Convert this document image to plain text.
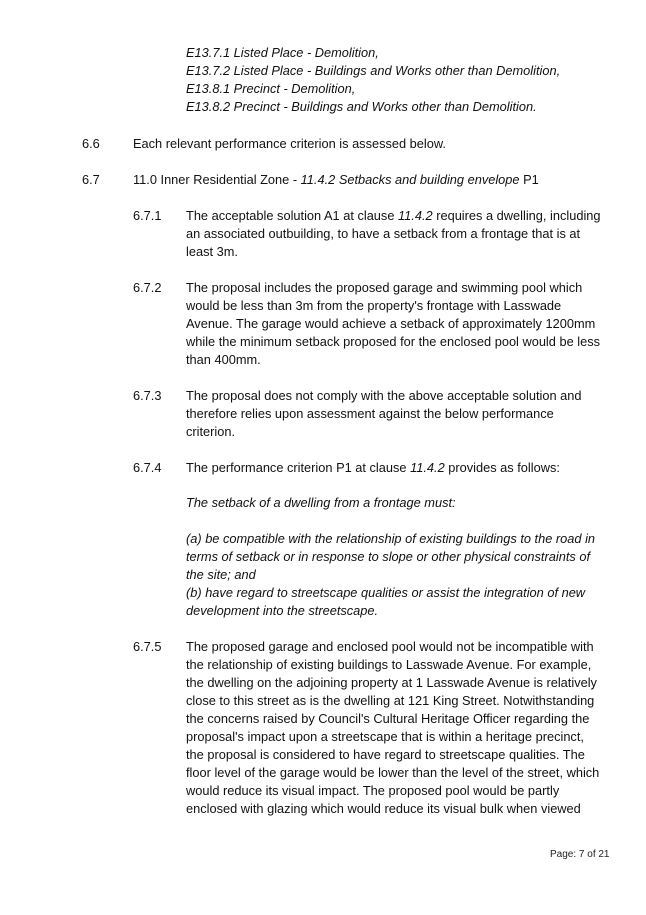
E13.7.1 Listed Place - Demolition,
E13.7.2 Listed Place - Buildings and Works other than Demolition,
E13.8.1 Precinct - Demolition,
E13.8.2 Precinct - Buildings and Works other than Demolition.
6.6	Each relevant performance criterion is assessed below.
6.7	11.0 Inner Residential Zone - 11.4.2 Setbacks and building envelope P1
6.7.1 The acceptable solution A1 at clause 11.4.2 requires a dwelling, including
an associated outbuilding, to have a setback from a frontage that is at
least 3m.
6.7.2 The proposal includes the proposed garage and swimming pool which
would be less than 3m from the property's frontage with Lasswade
Avenue. The garage would achieve a setback of approximately 1200mm
while the minimum setback proposed for the enclosed pool would be less
than 400mm.
6.7.3 The proposal does not comply with the above acceptable solution and
therefore relies upon assessment against the below performance
criterion.
6.7.4 The performance criterion P1 at clause 11.4.2 provides as follows:
The setback of a dwelling from a frontage must:
(a) be compatible with the relationship of existing buildings to the road in
terms of setback or in response to slope or other physical constraints of
the site; and
(b) have regard to streetscape qualities or assist the integration of new
development into the streetscape.
6.7.5 The proposed garage and enclosed pool would not be incompatible with
the relationship of existing buildings to Lasswade Avenue. For example,
the dwelling on the adjoining property at 1 Lasswade Avenue is relatively
close to this street as is the dwelling at 121 King Street. Notwithstanding
the concerns raised by Council's Cultural Heritage Officer regarding the
proposal's impact upon a streetscape that is within a heritage precinct,
the proposal is considered to have regard to streetscape qualities. The
floor level of the garage would be lower than the level of the street, which
would reduce its visual impact. The proposed pool would be partly
enclosed with glazing which would reduce its visual bulk when viewed
Page: 7 of 21
